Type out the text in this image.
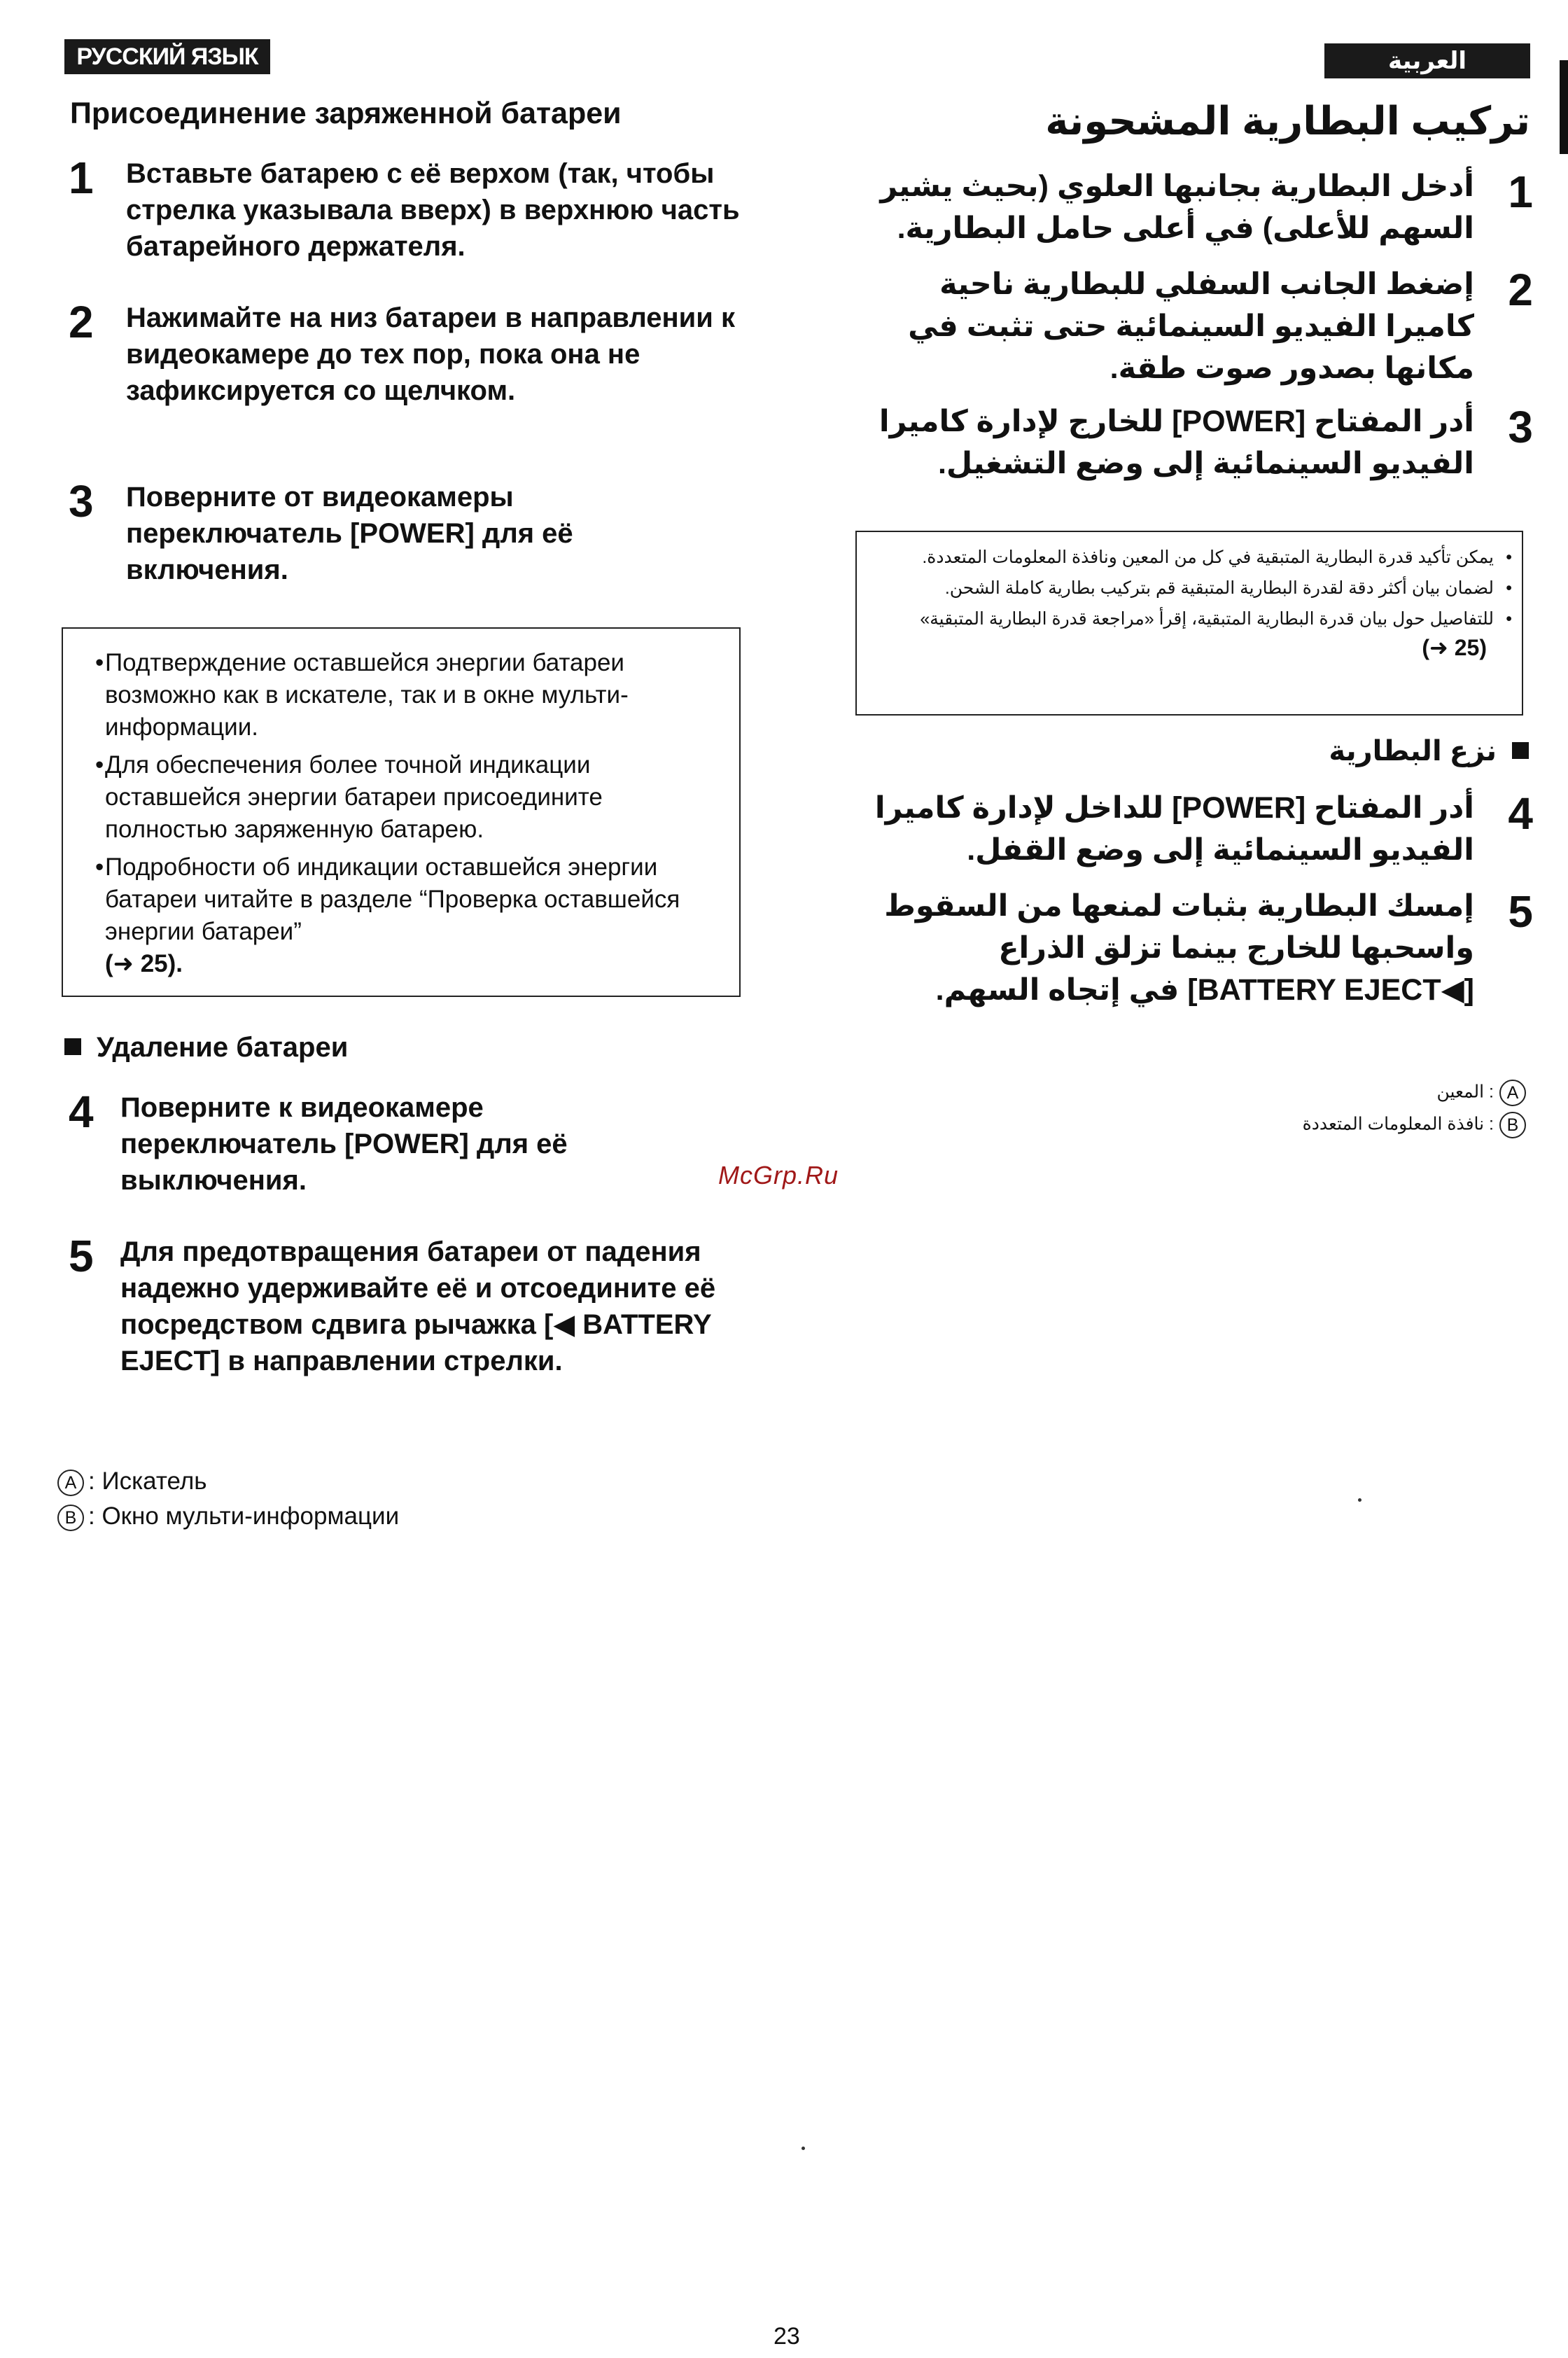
РУССКИЙ ЯЗЫК	العربية
Присоединение заряженной батареи
1 Вставьте батарею с её верхом (так, чтобы стрелка указывала вверх) в верхнюю часть батарейного держателя.
2 Нажимайте на низ батареи в направлении к видеокамере до тех пор, пока она не зафиксируется со щелчком.
3 Поверните от видеокамеры переключатель [POWER] для её включения.

• Подтверждение оставшейся энергии батареи возможно как в искателе, так и в окне мульти-информации.

• Для обеспечения более точной индикации оставшейся энергии батареи присоедините полностью заряженную батарею.

• Подробности об индикации оставшейся энергии батареи читайте в разделе “Проверка оставшейся энергии батареи”
(➜ 25).

Удаление батареи
4 Поверните к видеокамере переключатель [POWER] для её выключения.
5 Для предотвращения батареи от падения надежно удерживайте её и отсоедините её посредством сдвига рычажка [◀ BATTERY EJECT] в направлении стрелки.
A : Искатель
B : Окно мульти-информации
تركيب البطارية المشحونة
1
أدخل البطارية بجانبها العلوي (بحيث يشير السهم للأعلى) في أعلى حامل البطارية.
2
إضغط الجانب السفلي للبطارية ناحية كاميرا الفيديو السينمائية حتى تثبت في مكانها بصدور صوت طقة.
3
أدر المفتاح [POWER] للخارج لإدارة كاميرا الفيديو السينمائية إلى وضع التشغيل.

•
يمكن تأكيد قدرة البطارية المتبقية في كل من المعين ونافذة المعلومات المتعددة.

•
لضمان بيان أكثر دقة لقدرة البطارية المتبقية قم بتركيب بطارية كاملة الشحن.

•
للتفاصيل حول بيان قدرة البطارية المتبقية، إقرأ «مراجعة قدرة البطارية المتبقية»

(➜ 25)
نزع البطارية
4
أدر المفتاح [POWER] للداخل لإدارة كاميرا الفيديو السينمائية إلى وضع القفل.
5
إمسك البطارية بثبات لمنعها من السقوط واسحبها للخارج بينما تزلق الذراع [◀BATTERY EJECT] في إتجاه السهم.
A: المعين
B: نافذة المعلومات المتعددة
McGrp.Ru
23
